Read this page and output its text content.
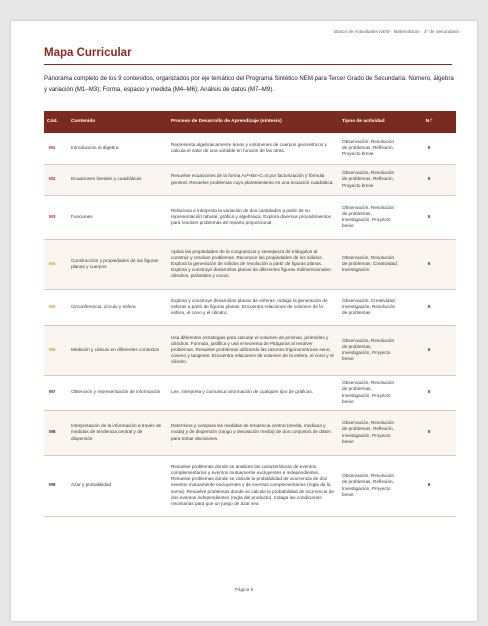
Banco de Actividades NEM · Matemáticas · 3° de Secundaria
Mapa Curricular
Panorama completo de los 9 contenidos, organizados por eje temático del Programa Sintético NEM para Tercer Grado de Secundaria: Número, álgebra y variación (M1–M3); Forma, espacio y medida (M4–M6); Análisis de datos (M7–M9).
Cód.	Contenido	Proceso de Desarrollo de Aprendizaje (síntesis)	Tipos de actividad	N.º
M1	Introducción al álgebra	Representa algebraicamente áreas y volúmenes de cuerpos geométricos y calcula el valor de una variable en función de las otras.	Observación, Resolución de problemas, Reflexión, Proyecto breve	5
M2	Ecuaciones lineales y cuadráticas	Resuelve ecuaciones de la forma Ax²+Bx+C=0 por factorización y fórmula general. Resuelve problemas cuyo planteamiento es una ecuación cuadrática.	Observación, Resolución de problemas, Reflexión, Proyecto breve	5
M3	Funciones	Relaciona e interpreta la variación de dos cantidades a partir de su representación tabular, gráfica y algebraica. Explora diversos procedimientos para resolver problemas de reparto proporcional.	Observación, Resolución de problemas, Investigación, Proyecto breve	5
M4	Construcción y propiedades de las figuras planas y cuerpos	Aplica las propiedades de la congruencia y semejanza de triángulos al construir y resolver problemas. Reconoce las propiedades de los sólidos. Explora la generación de sólidos de revolución a partir de figuras planas. Explora y construye desarrollos planos de diferentes figuras tridimensionales: cilindros, pirámides y conos.	Observación, Resolución de problemas, Creatividad, Investigación	6
M5	Circunferencia, círculo y esfera	Explora y construye desarrollos planos de esferas. Indaga la generación de esferas a partir de figuras planas. Encuentra relaciones de volumen de la esfera, el cono y el cilindro.	Observación, Creatividad, Investigación, Resolución de problemas	5
M6	Medición y cálculo en diferentes contextos	Usa diferentes estrategias para calcular el volumen de prismas, pirámides y cilindros. Formula, justifica y usa el teorema de Pitágoras al resolver problemas. Resuelve problemas utilizando las razones trigonométricas seno, coseno y tangente. Encuentra relaciones de volumen de la esfera, el cono y el cilindro.	Observación, Resolución de problemas, Investigación, Proyecto breve	6
M7	Obtención y representación de información	Lee, interpreta y comunica información de cualquier tipo de gráficas.	Observación, Resolución de problemas, Investigación, Proyecto breve	5
M8	Interpretación de la información a través de medidas de tendencia central y de dispersión	Determina y compara las medidas de tendencia central (media, mediana y moda) y de dispersión (rango y desviación media) de dos conjuntos de datos para tomar decisiones.	Observación, Resolución de problemas, Reflexión, Investigación, Proyecto breve	5
M9	Azar y probabilidad	Resuelve problemas donde se analicen las características de eventos complementarios y eventos mutuamente excluyentes e independientes. Resuelve problemas donde se calcule la probabilidad de ocurrencia de dos eventos mutuamente excluyentes y de eventos complementarios (regla de la suma). Resuelve problemas donde se calcule la probabilidad de ocurrencia de dos eventos independientes (regla del producto). Indaga las condiciones necesarias para que un juego de azar sea	Observación, Resolución de problemas, Reflexión, Investigación, Proyecto breve	6
Página 5
